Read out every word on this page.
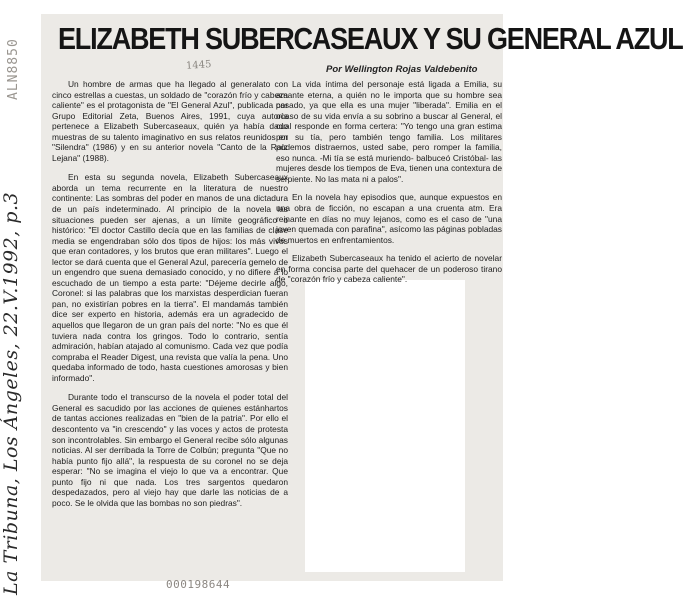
ELIZABETH SUBERCASEAUX Y SU GENERAL AZUL
Por Wellington Rojas Valdebenito
1445

Un hombre de armas que ha llegado al generalato con cinco estrellas a cuestas, un soldado de "corazón frío y cabeza caliente" es el protagonista de "El General Azul", publicada por Grupo Editorial Zeta, Buenos Aires, 1991, cuya autoría pertenece a Elizabeth Subercaseaux, quién ya había dado muestras de su talento imaginativo en sus relatos reunidos en "Silendra" (1986) y en su anterior novela "Canto de la Raíz Lejana" (1988).

En esta su segunda novela, Elizabeth Subercaseaux aborda un tema recurrente en la literatura de nuestro continente: Las sombras del poder en manos de una dictadura de un país indeterminado. Al principio de la novela las situaciones pueden ser ajenas, a un límite geográfico o histórico: "El doctor Castillo decía que en las familias de clase media se engendraban sólo dos tipos de hijos: los más vivos que eran contadores, y los brutos que eran militares". Luego el lector se dará cuenta que el General Azul, parecería gemelo de un engendro que suena demasiado conocido, y no difiere a lo escuchado de un tiempo a esta parte: "Déjeme decirle algo, Coronel: si las palabras que los marxistas desperdician fueran pan, no existirían pobres en la tierra". El mandamás también dice ser experto en historia, además era un agradecido de aquellos que llegaron de un gran país del norte: "No es que él tuviera nada contra los gringos. Todo lo contrario, sentía admiración, habían atajado al comunismo. Cada vez que podía compraba el Reader Digest, una revista que valía la pena. Uno quedaba informado de todo, hasta cuestiones amorosas y bien informado".

Durante todo el transcurso de la novela el poder total del General es sacudido por las acciones de quienes estánhartos de tantas acciones realizadas en "bien de la patria". Por ello el descontento va "in crescendo" y las voces y actos de protesta son incontrolables. Sin embargo el General recibe sólo algunas noticias. Al ser derribada la Torre de Colbún; pregunta "Que no había punto fijo allá", la respuesta de su coronel no se deja esperar: "No se imagina el viejo lo que va a encontrar. Que punto fijo ni que nada. Los tres sargentos quedaron despedazados, pero al viejo hay que darle las noticias de a poco. Se le olvida que las bombas no son piedras".

La vida íntima del personaje está ligada a Emilia, su amante eterna, a quién no le importa que su hombre sea casado, ya que ella es una mujer "liberada". Emilia en el ocaso de su vida envía a su sobrino a buscar al General, el cual responde en forma certera: "Yo tengo una gran estima por su tía, pero también tengo familia. Los militares podemos distraernos, usted sabe, pero romper la familia, eso nunca. -Mi tía se está muriendo- balbuceó Cristóbal- las mujeres desde los tiempos de Eva, tienen una contextura de serpiente. No las mata ni a palos".

En la novela hay episodios que, aunque expuestos en una obra de ficción, no escapan a una cruenta atm. Era reinante en días no muy lejanos, como es el caso de "una joven quemada con parafina", asícomo las páginas pobladas de muertos en enfrentamientos.

Elizabeth Subercaseaux ha tenido el acierto de novelar en forma concisa parte del quehacer de un poderoso tirano de "corazón frío y cabeza caliente".

La Tribuna, Los Ángeles, 22.V.1992, p.3
ALN8850
000198644
